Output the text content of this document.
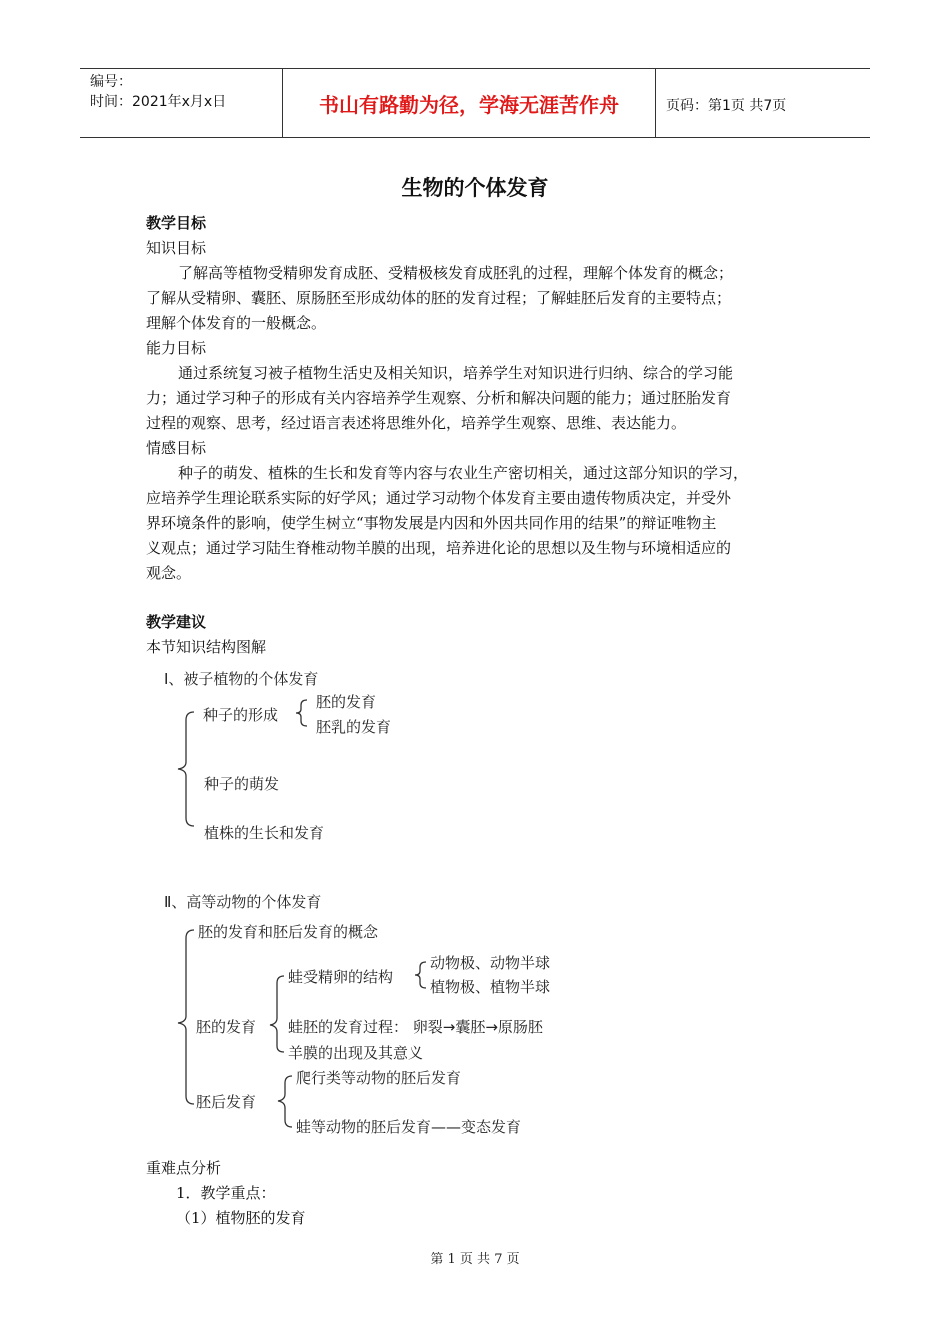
编号：
时间：2021年x月x日	书山有路勤为径，学海无涯苦作舟	页码：第1页 共7页
生物的个体发育
教学目标
知识目标
了解高等植物受精卵发育成胚、受精极核发育成胚乳的过程，理解个体发育的概念；
了解从受精卵、囊胚、原肠胚至形成幼体的胚的发育过程；了解蛙胚后发育的主要特点；
理解个体发育的一般概念。
能力目标
通过系统复习被子植物生活史及相关知识，培养学生对知识进行归纳、综合的学习能
力；通过学习种子的形成有关内容培养学生观察、分析和解决问题的能力；通过胚胎发育
过程的观察、思考，经过语言表述将思维外化，培养学生观察、思维、表达能力。
情感目标
种子的萌发、植株的生长和发育等内容与农业生产密切相关，通过这部分知识的学习，
应培养学生理论联系实际的好学风；通过学习动物个体发育主要由遗传物质决定，并受外
界环境条件的影响，使学生树立“事物发展是内因和外因共同作用的结果”的辩证唯物主
义观点；通过学习陆生脊椎动物羊膜的出现，培养进化论的思想以及生物与环境相适应的
观念。
教学建议
本节知识结构图解
Ⅰ、被子植物的个体发育
种子的形成
胚的发育
胚乳的发育
种子的萌发
植株的生长和发育
Ⅱ、高等动物的个体发育
胚的发育和胚后发育的概念
蛙受精卵的结构
动物极、动物半球
植物极、植物半球
胚的发育 蛙胚的发育过程： 卵裂→囊胚→原肠胚
羊膜的出现及其意义
胚后发育
爬行类等动物的胚后发育
蛙等动物的胚后发育——变态发育
重难点分析
1．教学重点：
（1）植物胚的发育
第 1 页 共 7 页
